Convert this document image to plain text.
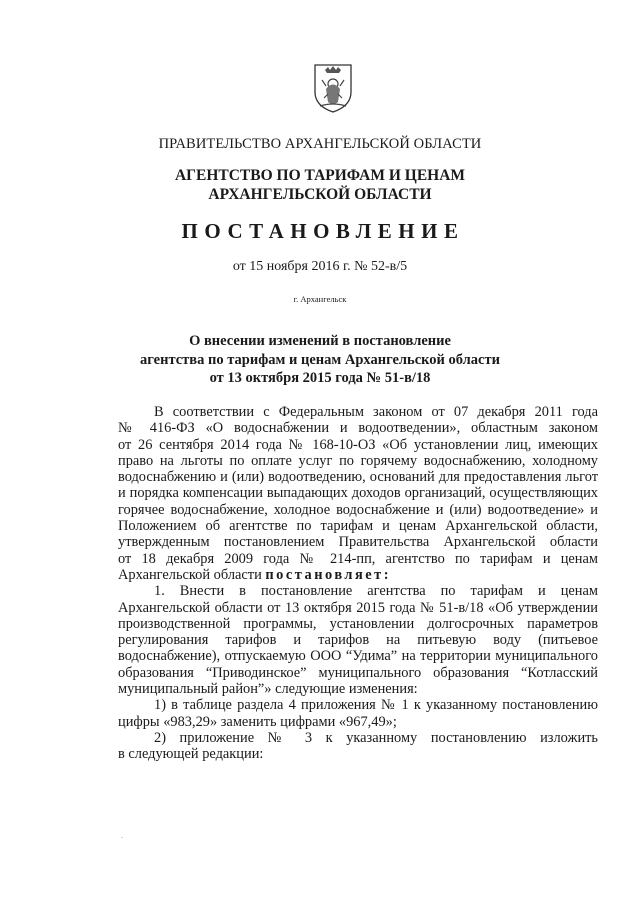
ПРАВИТЕЛЬСТВО АРХАНГЕЛЬСКОЙ ОБЛАСТИ
АГЕНТСТВО ПО ТАРИФАМ И ЦЕНАМ
АРХАНГЕЛЬСКОЙ ОБЛАСТИ
ПОСТАНОВЛЕНИЕ
от 15 ноября 2016 г. № 52-в/5
г. Архангельск
О внесении изменений в постановление
агентства по тарифам и ценам Архангельской области
от 13 октября 2015 года № 51-в/18
В соответствии с Федеральным законом от 07 декабря 2011 года
№ 416-ФЗ «О водоснабжении и водоотведении», областным законом
от 26 сентября 2014 года № 168-10-ОЗ «Об установлении лиц, имеющих
право на льготы по оплате услуг по горячему водоснабжению, холодному
водоснабжению и (или) водоотведению, оснований для предоставления льгот
и порядка компенсации выпадающих доходов организаций, осуществляющих
горячее водоснабжение, холодное водоснабжение и (или) водоотведение» и
Положением об агентстве по тарифам и ценам Архангельской области,
утвержденным постановлением Правительства Архангельской области
от 18 декабря 2009 года № 214-пп, агентство по тарифам и ценам
Архангельской области постановляет:
1. Внести в постановление агентства по тарифам и ценам
Архангельской области от 13 октября 2015 года № 51-в/18 «Об утверждении
производственной программы, установлении долгосрочных параметров
регулирования тарифов и тарифов на питьевую воду (питьевое
водоснабжение), отпускаемую ООО “Удима” на территории муниципального
образования “Приводинское” муниципального образования “Котласский
муниципальный район”» следующие изменения:
1) в таблице раздела 4 приложения № 1 к указанному постановлению
цифры «983,29» заменить цифрами «967,49»;
2) приложение № 3 к указанному постановлению изложить
в следующей редакции:
.
